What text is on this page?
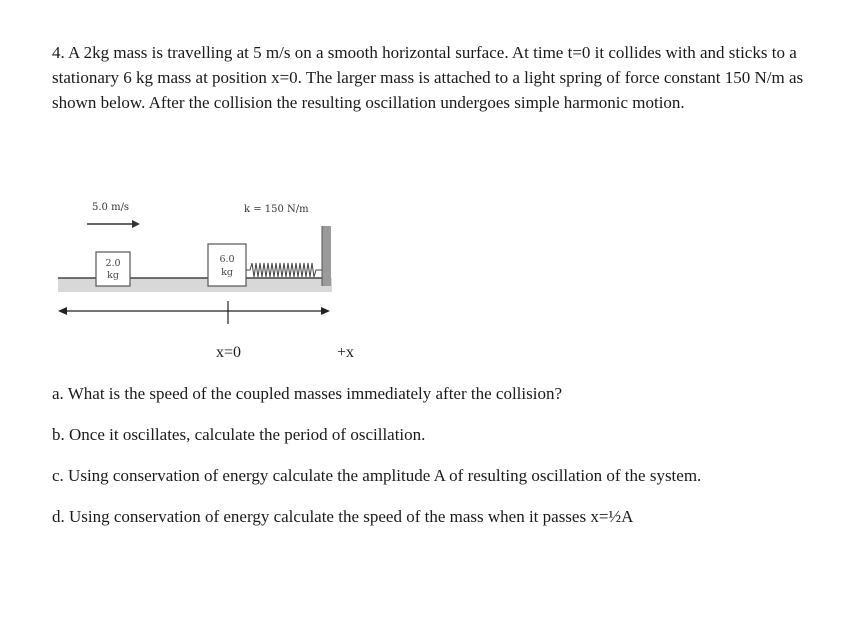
4. A 2kg mass is travelling at 5 m/s on a smooth horizontal surface. At time t=0 it collides with and sticks to a stationary 6 kg mass at position x=0. The larger mass is attached to a light spring of force constant 150 N/m as shown below. After the collision the resulting oscillation undergoes simple harmonic motion.

5.0 m/s	k = 150 N/m
2.0
kg
6.0
kg
x=0	+x

a. What is the speed of the coupled masses immediately after the collision?

b. Once it oscillates, calculate the period of oscillation.

c. Using conservation of energy calculate the amplitude A of resulting oscillation of the system.

d. Using conservation of energy calculate the speed of the mass when it passes x=½A
